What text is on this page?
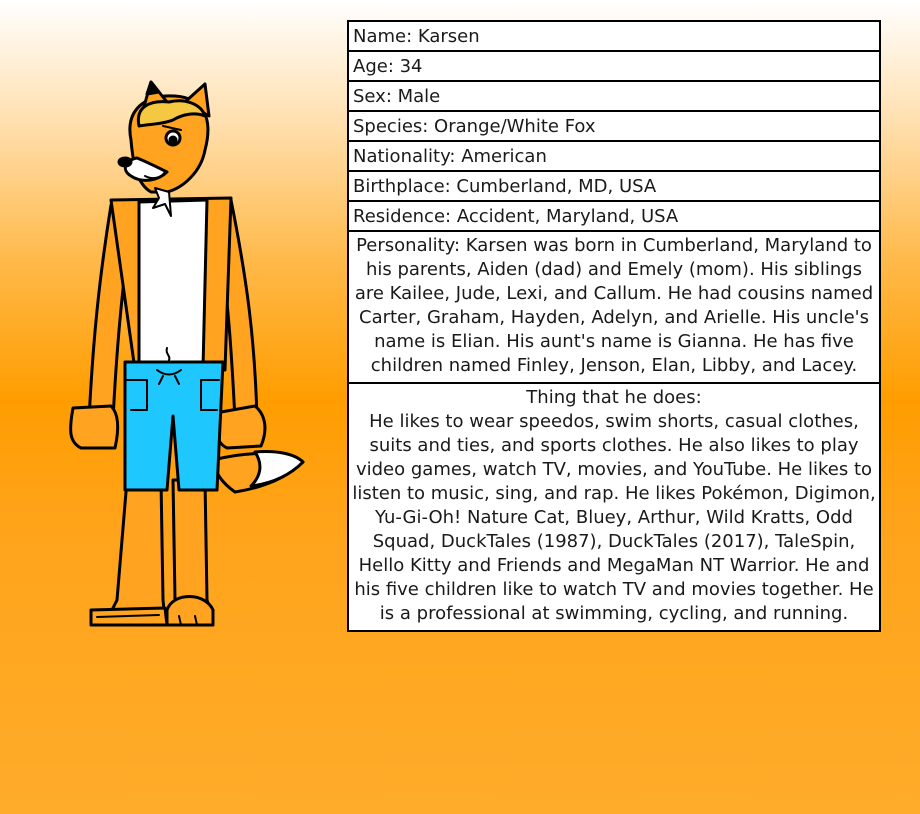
Name: Karsen
Age: 34
Sex: Male
Species: Orange/White Fox
Nationality: American
Birthplace: Cumberland, MD, USA
Residence: Accident, Maryland, USA
Personality: Karsen was born in Cumberland, Maryland to his parents, Aiden (dad) and Emely (mom). His siblings are Kailee, Jude, Lexi, and Callum. He had cousins named Carter, Graham, Hayden, Adelyn, and Arielle. His uncle's name is Elian. His aunt's name is Gianna. He has five children named Finley, Jenson, Elan, Libby, and Lacey.
Thing that he does:
He likes to wear speedos, swim shorts, casual clothes, suits and ties, and sports clothes. He also likes to play video games, watch TV, movies, and YouTube. He likes to listen to music, sing, and rap. He likes Pokémon, Digimon, Yu-Gi-Oh! Nature Cat, Bluey, Arthur, Wild Kratts, Odd Squad, DuckTales (1987), DuckTales (2017), TaleSpin, Hello Kitty and Friends and MegaMan NT Warrior. He and his five children like to watch TV and movies together. He is a professional at swimming, cycling, and running.
